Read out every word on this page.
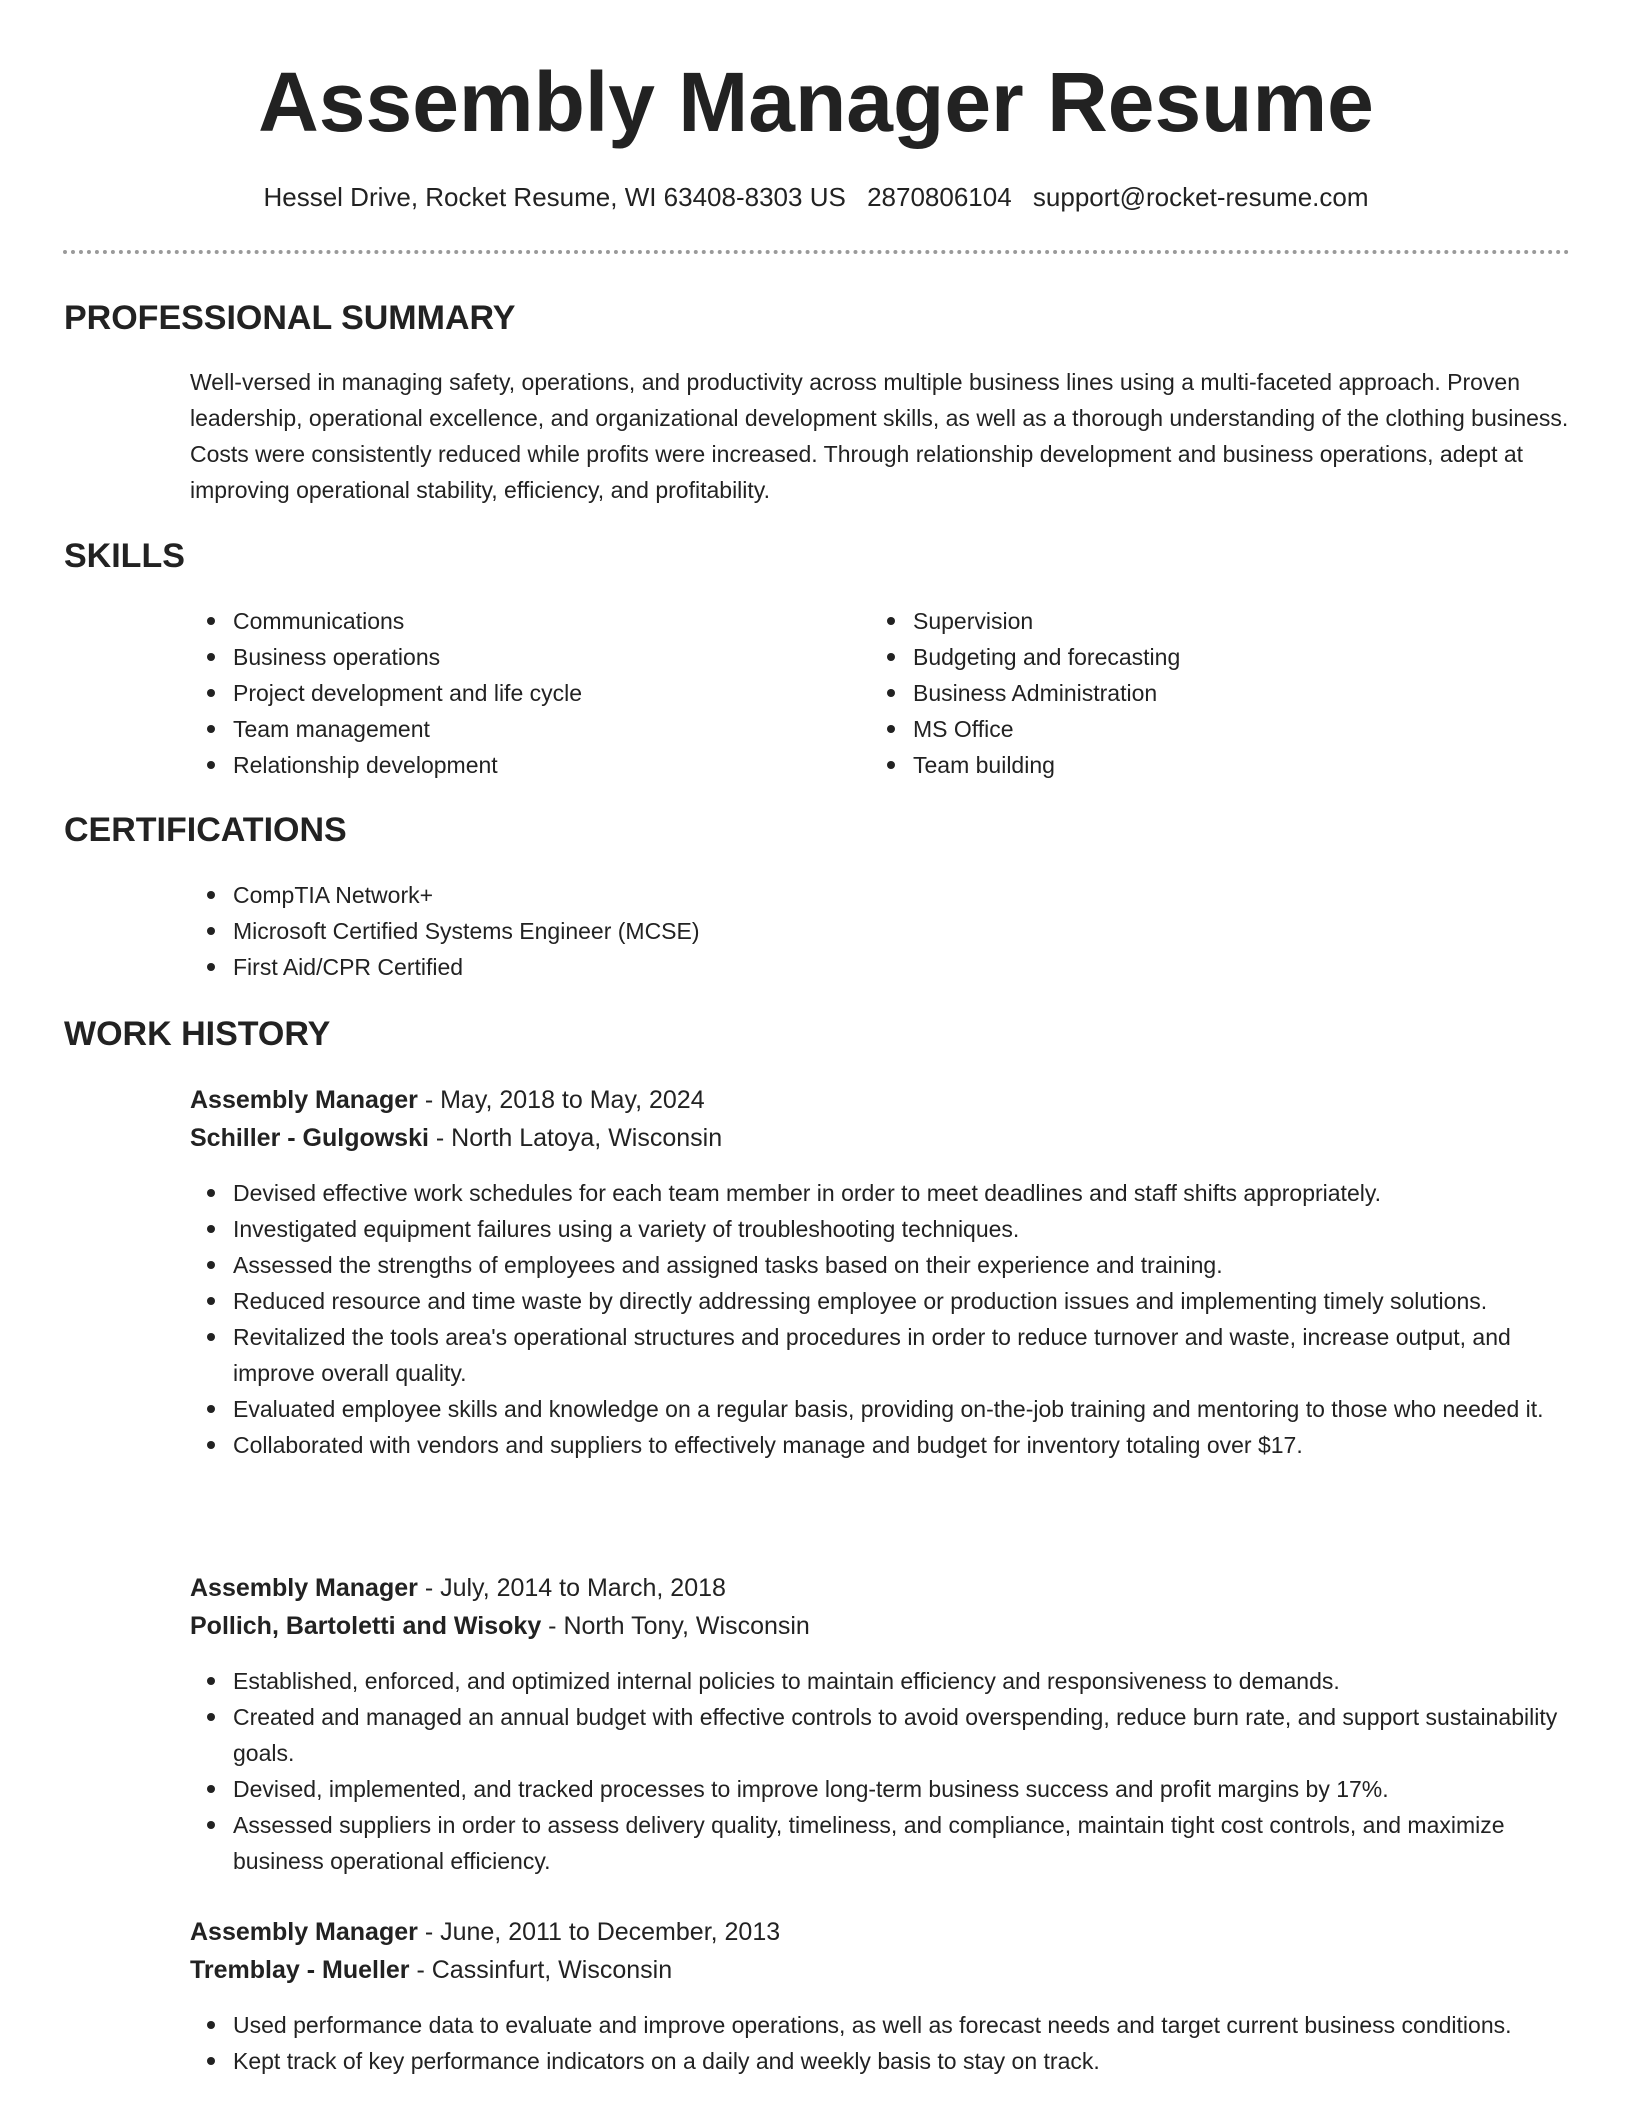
Assembly Manager Resume
Hessel Drive, Rocket Resume, WI 63408-8303 US 2870806104 support@rocket-resume.com
PROFESSIONAL SUMMARY

Well-versed in managing safety, operations, and productivity across multiple business lines using a multi-faceted approach. Proven leadership, operational excellence, and organizational development skills, as well as a thorough understanding of the clothing business. Costs were consistently reduced while profits were increased. Through relationship development and business operations, adept at improving operational stability, efficiency, and profitability.

SKILLS
Communications
Business operations
Project development and life cycle
Team management
Relationship development
Supervision
Budgeting and forecasting
Business Administration
MS Office
Team building
CERTIFICATIONS
CompTIA Network+
Microsoft Certified Systems Engineer (MCSE)
First Aid/CPR Certified
WORK HISTORY
Assembly Manager - May, 2018 to May, 2024
Schiller - Gulgowski - North Latoya, Wisconsin
Devised effective work schedules for each team member in order to meet deadlines and staff shifts appropriately.
Investigated equipment failures using a variety of troubleshooting techniques.
Assessed the strengths of employees and assigned tasks based on their experience and training.
Reduced resource and time waste by directly addressing employee or production issues and implementing timely solutions.
Revitalized the tools area's operational structures and procedures in order to reduce turnover and waste, increase output, and improve overall quality.
Evaluated employee skills and knowledge on a regular basis, providing on-the-job training and mentoring to those who needed it.
Collaborated with vendors and suppliers to effectively manage and budget for inventory totaling over $17.
Assembly Manager - July, 2014 to March, 2018
Pollich, Bartoletti and Wisoky - North Tony, Wisconsin
Established, enforced, and optimized internal policies to maintain efficiency and responsiveness to demands.
Created and managed an annual budget with effective controls to avoid overspending, reduce burn rate, and support sustainability goals.
Devised, implemented, and tracked processes to improve long-term business success and profit margins by 17%.
Assessed suppliers in order to assess delivery quality, timeliness, and compliance, maintain tight cost controls, and maximize business operational efficiency.
Assembly Manager - June, 2011 to December, 2013
Tremblay - Mueller - Cassinfurt, Wisconsin
Used performance data to evaluate and improve operations, as well as forecast needs and target current business conditions.
Kept track of key performance indicators on a daily and weekly basis to stay on track.
